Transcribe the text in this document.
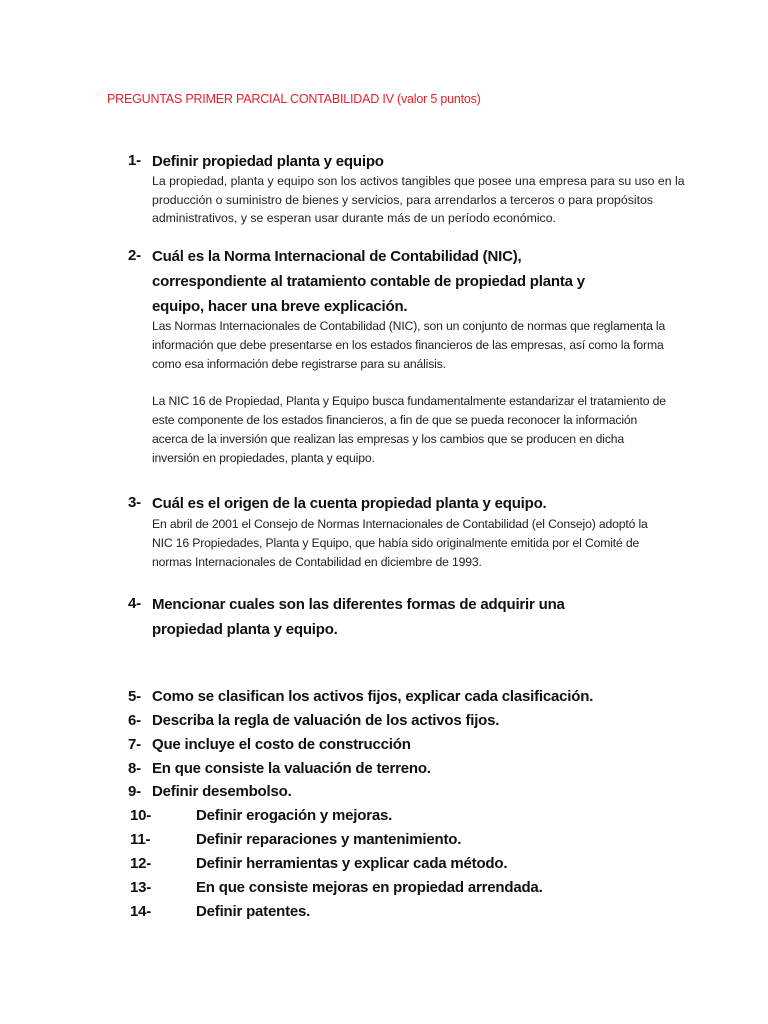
PREGUNTAS PRIMER PARCIAL CONTABILIDAD IV (valor 5 puntos)
1- Definir propiedad planta y equipo
La propiedad, planta y equipo son los activos tangibles que posee una empresa para su uso en la producción o suministro de bienes y servicios, para arrendarlos a terceros o para propósitos administrativos, y se esperan usar durante más de un período económico.
2- Cuál es la Norma Internacional de Contabilidad (NIC),
correspondiente al tratamiento contable de propiedad planta y
equipo, hacer una breve explicación.
Las Normas Internacionales de Contabilidad (NIC), son un conjunto de normas que reglamenta la información que debe presentarse en los estados financieros de las empresas, así como la forma como esa información debe registrarse para su análisis.
La NIC 16 de Propiedad, Planta y Equipo busca fundamentalmente estandarizar el tratamiento de este componente de los estados financieros, a fin de que se pueda reconocer la información acerca de la inversión que realizan las empresas y los cambios que se producen en dicha inversión en propiedades, planta y equipo.
3- Cuál es el origen de la cuenta propiedad planta y equipo.
En abril de 2001 el Consejo de Normas Internacionales de Contabilidad (el Consejo) adoptó la NIC 16 Propiedades, Planta y Equipo, que había sido originalmente emitida por el Comité de normas Internacionales de Contabilidad en diciembre de 1993.
4- Mencionar cuales son las diferentes formas de adquirir una
propiedad planta y equipo.
5- Como se clasifican los activos fijos, explicar cada clasificación.
6- Describa la regla de valuación de los activos fijos.
7- Que incluye el costo de construcción
8- En que consiste la valuación de terreno.
9- Definir desembolso.
10-	Definir erogación y mejoras.
11-	Definir reparaciones y mantenimiento.
12-	Definir herramientas y explicar cada método.
13-	En que consiste mejoras en propiedad arrendada.
14-	Definir patentes.
